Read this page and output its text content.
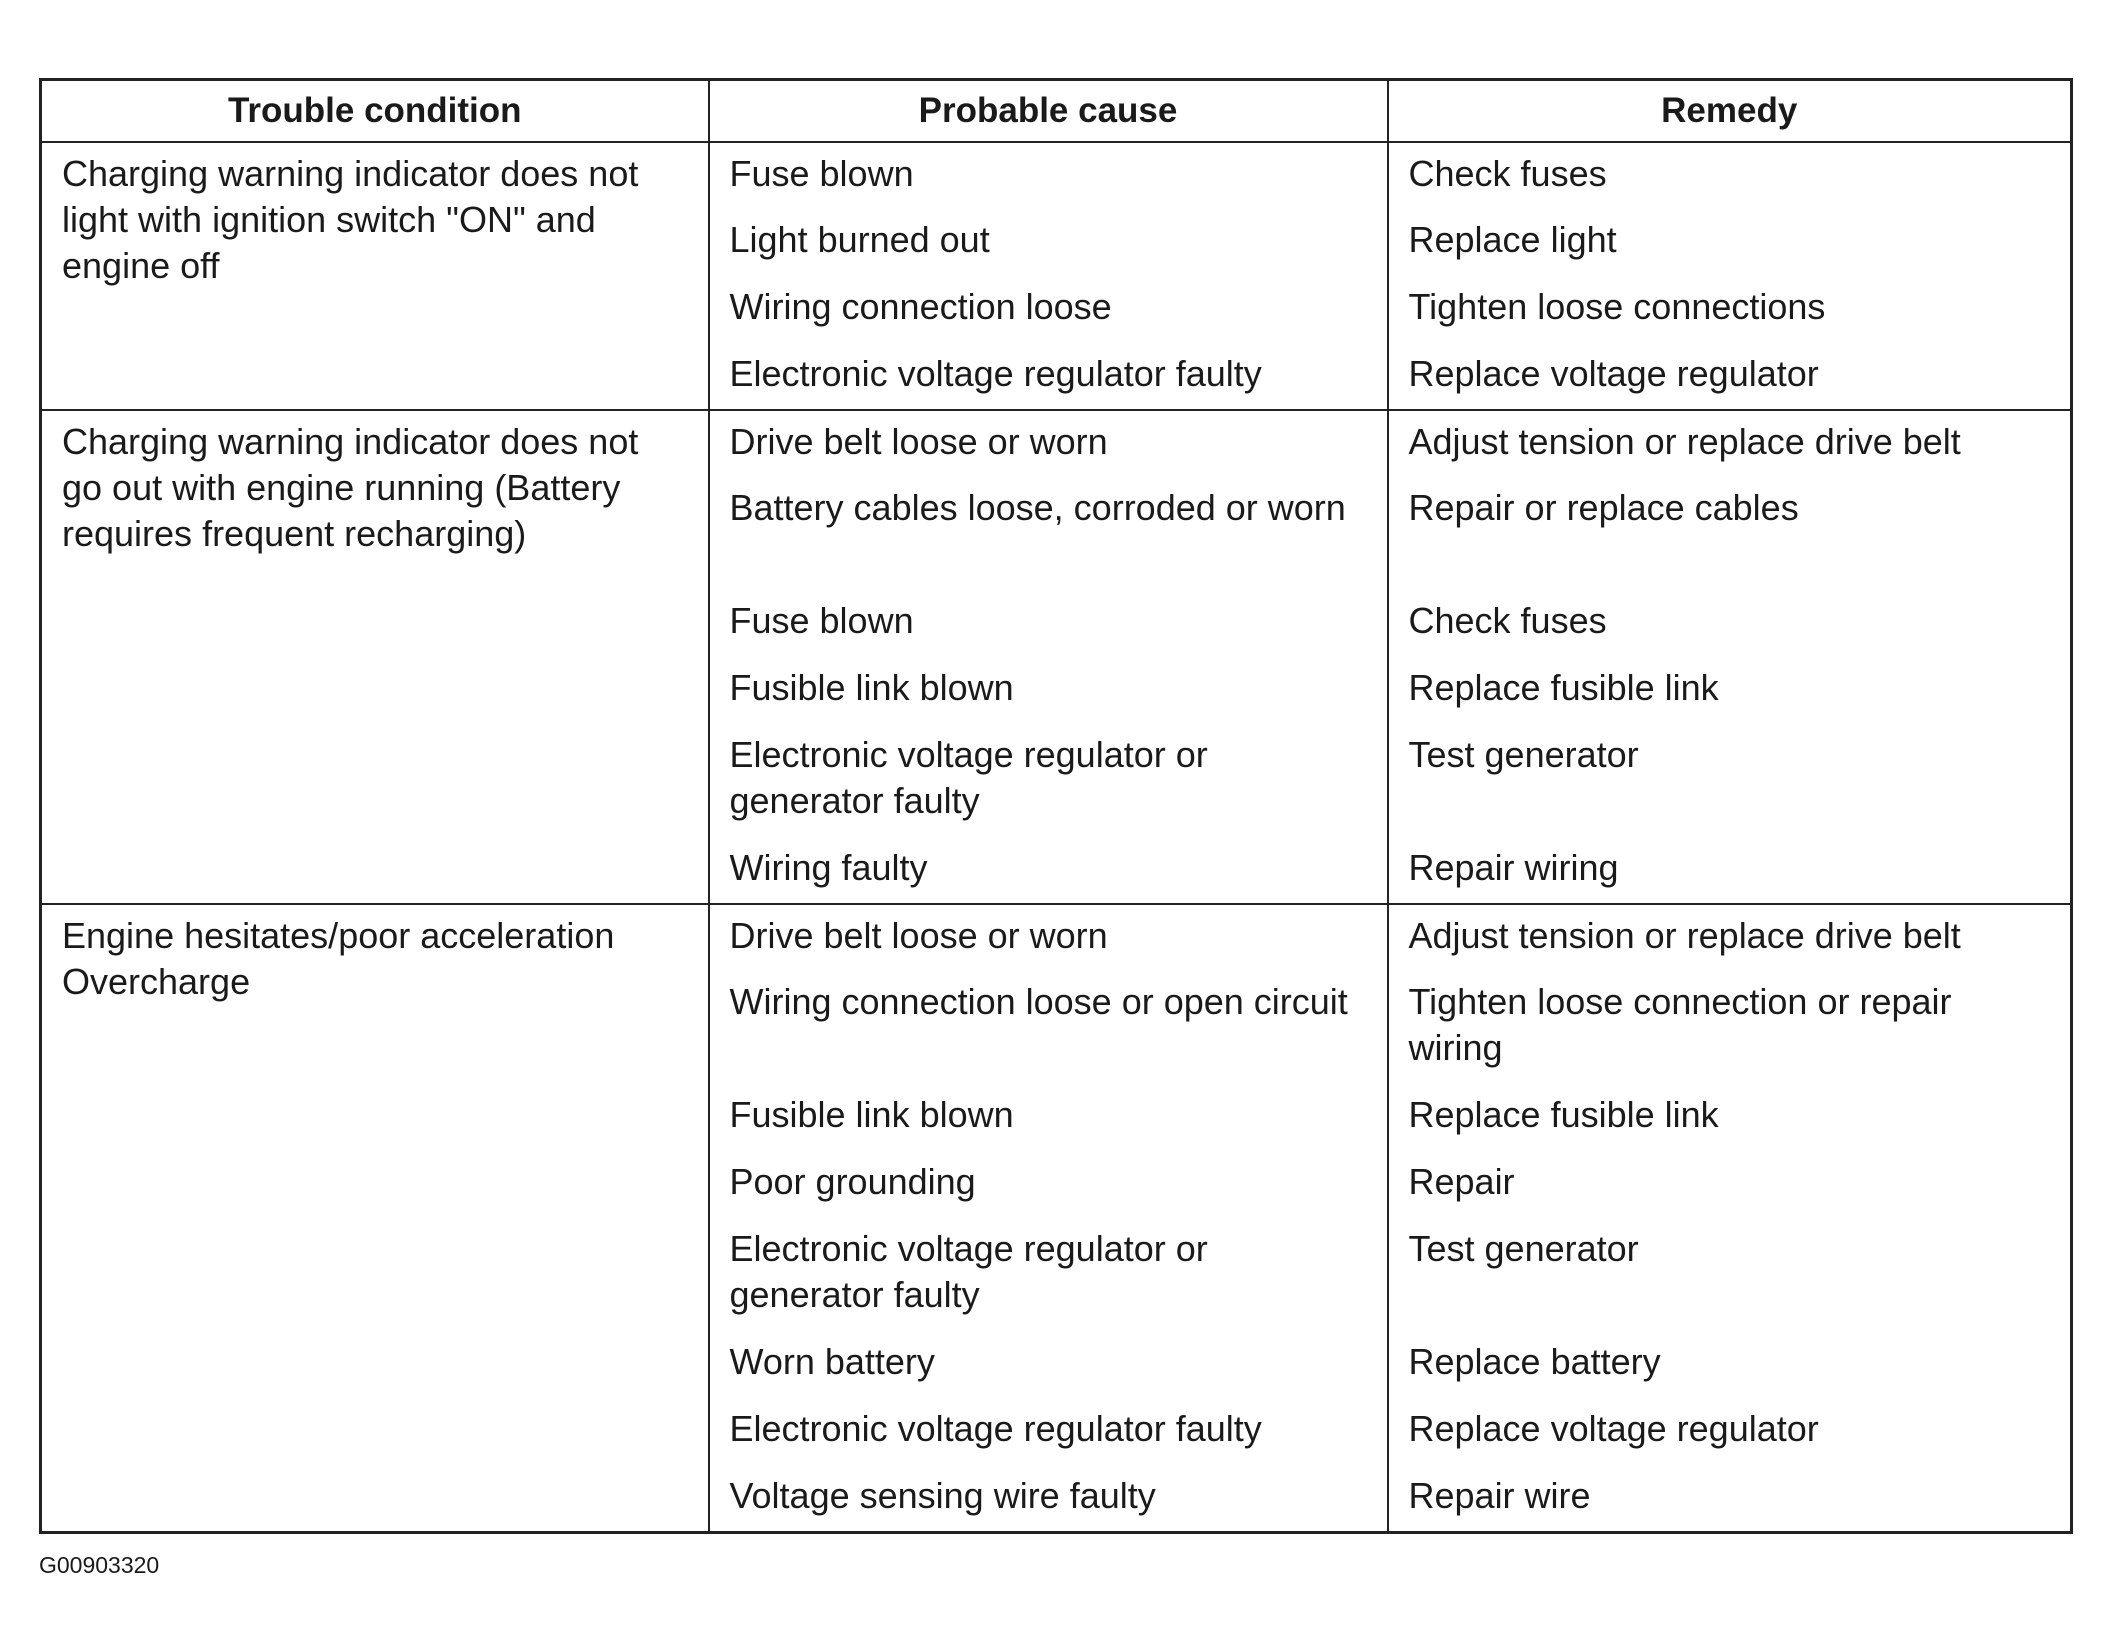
Trouble condition	Probable cause	Remedy
Charging warning indicator does not light with ignition switch "ON" and engine off	Fuse blown	Check fuses
	Light burned out	Replace light
	Wiring connection loose	Tighten loose connections
	Electronic voltage regulator faulty	Replace voltage regulator
Charging warning indicator does not go out with engine running (Battery requires frequent recharging)	Drive belt loose or worn	Adjust tension or replace drive belt
	Battery cables loose, corroded or worn	Repair or replace cables
	Fuse blown	Check fuses
	Fusible link blown	Replace fusible link
	Electronic voltage regulator or generator faulty	Test generator
	Wiring faulty	Repair wiring
Engine hesitates/poor acceleration Overcharge	Drive belt loose or worn	Adjust tension or replace drive belt
	Wiring connection loose or open circuit	Tighten loose connection or repair wiring
	Fusible link blown	Replace fusible link
	Poor grounding	Repair
	Electronic voltage regulator or generator faulty	Test generator
	Worn battery	Replace battery
	Electronic voltage regulator faulty	Replace voltage regulator
	Voltage sensing wire faulty	Repair wire
G00903320
